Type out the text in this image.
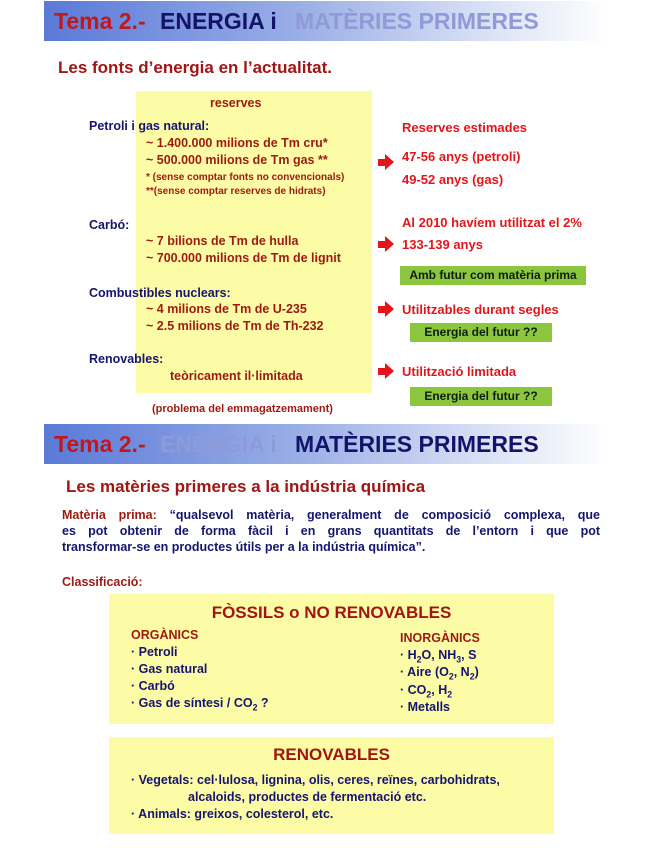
Tema 2.- ENERGIA i MATÈRIES PRIMERES
Les fonts d’energia en l’actualitat.
reserves
Petroli i gas natural:
~ 1.400.000 milions de Tm cru*
~ 500.000 milions de Tm gas **
* (sense comptar fonts no convencionals)
**(sense comptar reserves de hidrats)
Reserves estimades
47-56 anys (petroli)
49-52 anys (gas)
Carbó:
~ 7 bilions de Tm de hulla
~ 700.000 milions de Tm de lignit
Al 2010 havíem utilitzat el 2%
133-139 anys
Amb futur com matèria prima
Combustibles nuclears:
~ 4 milions de Tm de U-235
~ 2.5 milions de Tm de Th-232
Utilitzables durant segles
Energia del futur ??
Renovables:
teòricament il·limitada	Utilització limitada
Energia del futur ??
(problema del emmagatzemament)
Tema 2.- ENERGIA i MATÈRIES PRIMERES
Les matèries primeres a la indústria química
Matèria prima: “qualsevol matèria, generalment de composició complexa, que
es pot obtenir de forma fàcil i en grans quantitats de l’entorn i que pot
transformar-se en productes útils per a la indústria química”.
Classificació:
FÒSSILS o NO RENOVABLES
ORGÀNICS
· Petroli
· Gas natural
· Carbó
· Gas de síntesi / $CO_2$ ?
INORGÀNICS
· $H_2O$, $NH_3$, S
· Aire ($O_2$, $N_2$)
· $CO_2$, $H_2$
· Metalls
RENOVABLES
· Vegetals: cel·lulosa, lignina, olis, ceres, reïnes, carbohidrats,
alcaloids, productes de fermentació etc.
· Animals: greixos, colesterol, etc.
